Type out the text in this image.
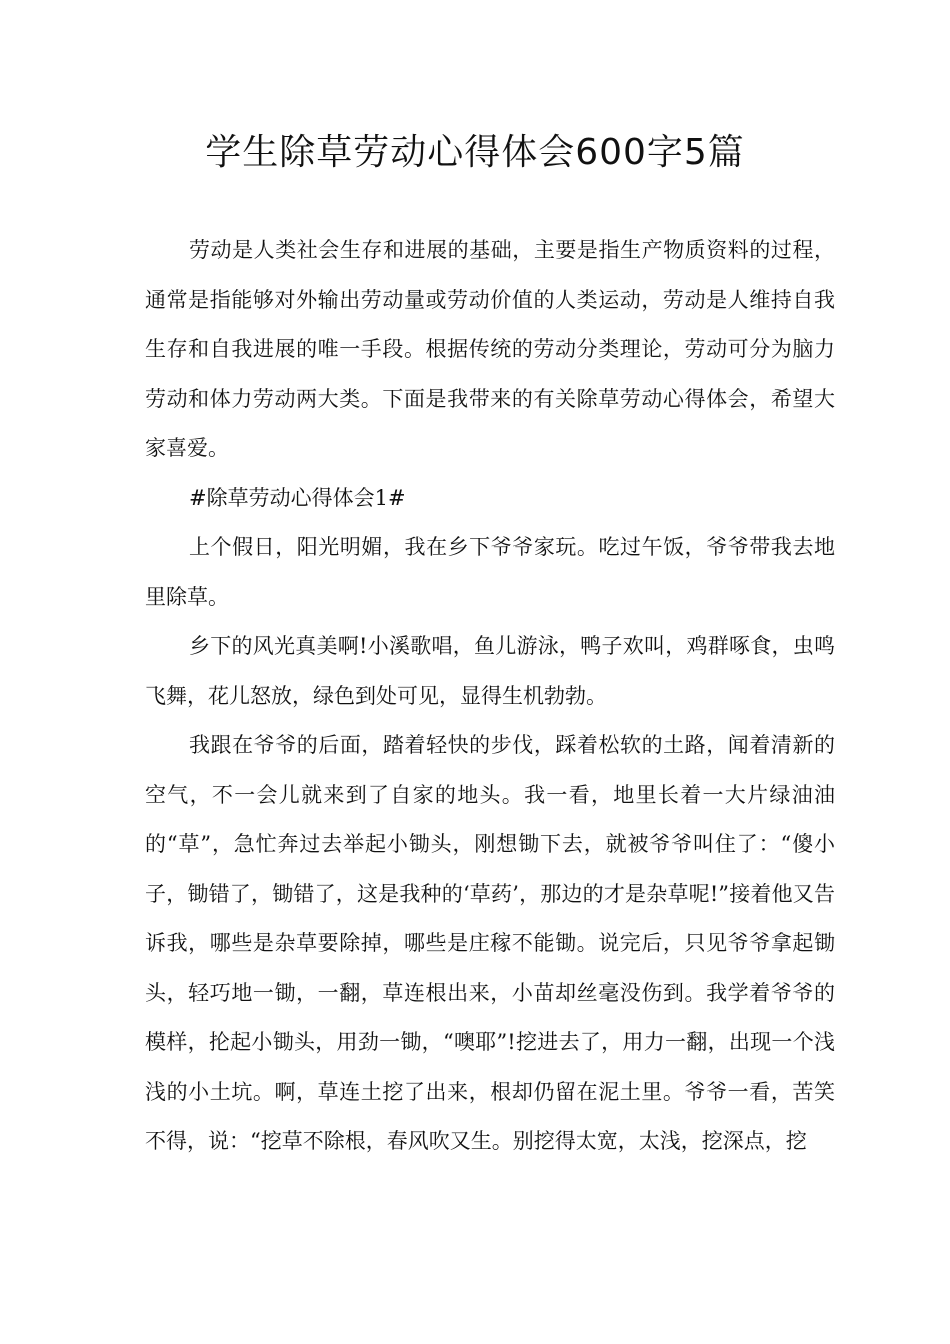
学生除草劳动心得体会600字5篇

劳动是人类社会生存和进展的基础，主要是指生产物质资料的过程，通常是指能够对外输出劳动量或劳动价值的人类运动，劳动是人维持自我生存和自我进展的唯一手段。根据传统的劳动分类理论，劳动可分为脑力劳动和体力劳动两大类。下面是我带来的有关除草劳动心得体会，希望大家喜爱。

#除草劳动心得体会1#

上个假日，阳光明媚，我在乡下爷爷家玩。吃过午饭，爷爷带我去地里除草。

乡下的风光真美啊!小溪歌唱，鱼儿游泳，鸭子欢叫，鸡群啄食，虫鸣飞舞，花儿怒放，绿色到处可见，显得生机勃勃。

我跟在爷爷的后面，踏着轻快的步伐，踩着松软的土路，闻着清新的空气，不一会儿就来到了自家的地头。我一看，地里长着一大片绿油油的“草”，急忙奔过去举起小锄头，刚想锄下去，就被爷爷叫住了：“傻小子，锄错了，锄错了，这是我种的‘草药’，那边的才是杂草呢!”接着他又告诉我，哪些是杂草要除掉，哪些是庄稼不能锄。说完后，只见爷爷拿起锄头，轻巧地一锄，一翻，草连根出来，小苗却丝毫没伤到。我学着爷爷的模样，抡起小锄头，用劲一锄，“噢耶”!挖进去了，用力一翻，出现一个浅浅的小土坑。啊，草连土挖了出来，根却仍留在泥土里。爷爷一看，苦笑不得，说：“挖草不除根，春风吹又生。别挖得太宽，太浅，挖深点，挖
